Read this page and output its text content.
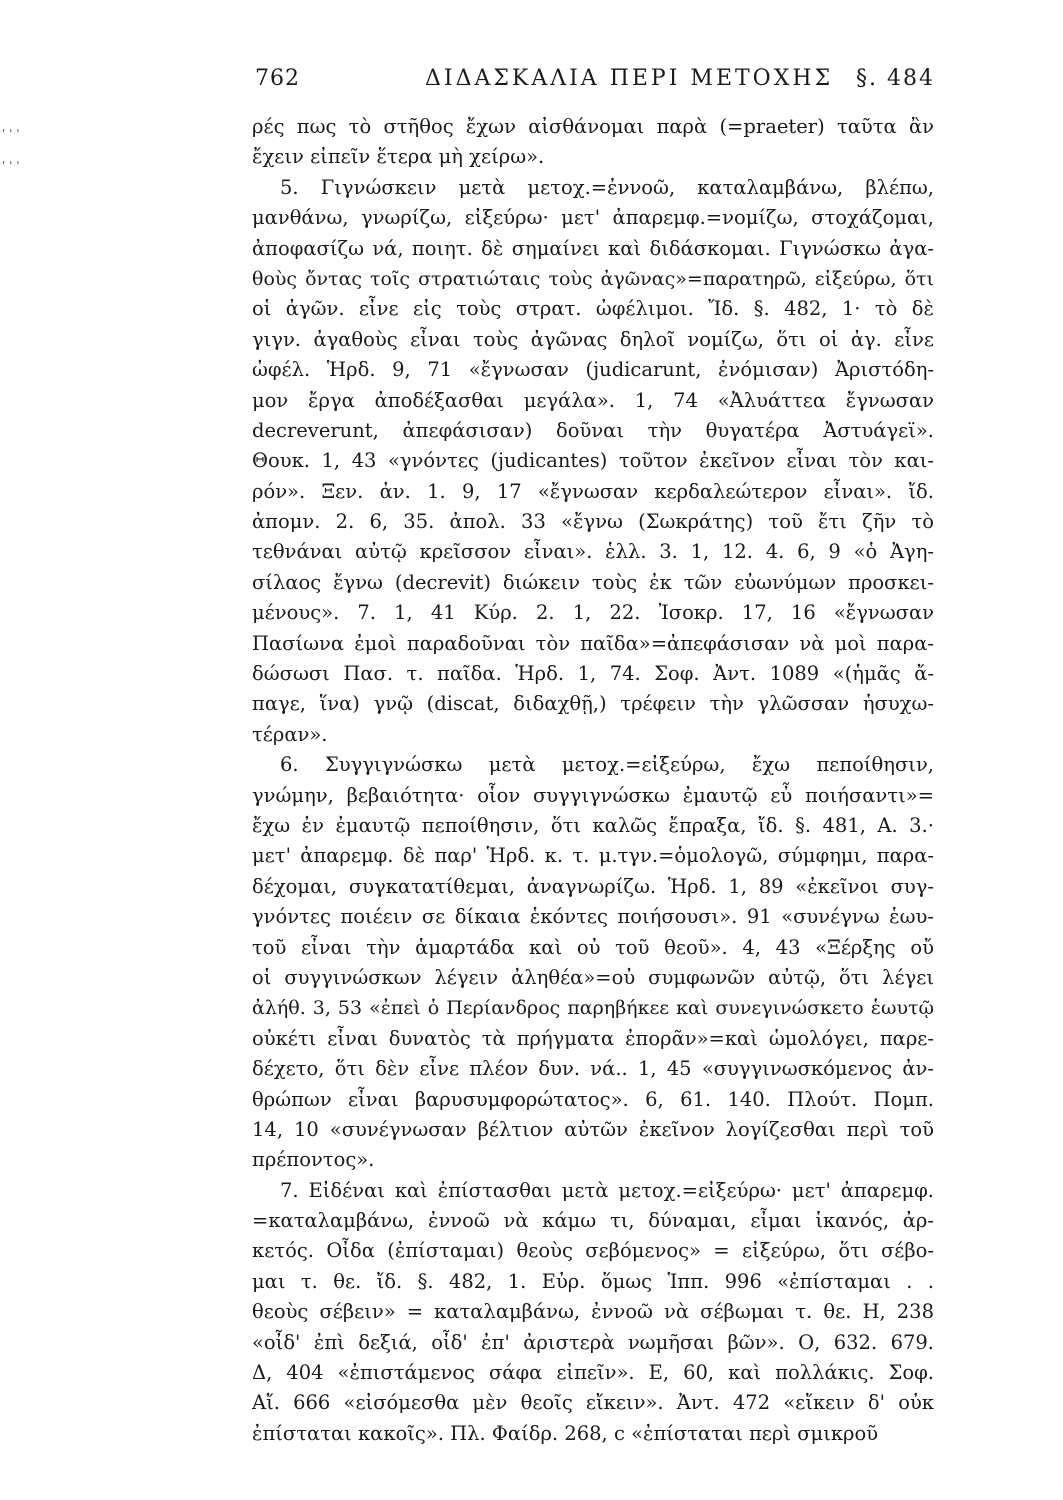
762	ΔΙΔΑΣΚΑΛΙΑ ΠΕΡΙ ΜΕΤΟΧΗΣ §. 484
' ' '
' ' '
ρές πως τὸ στῆθος ἔχων αἰσθάνομαι παρὰ (=praeter) ταῦτα ἂν
ἔχειν εἰπεῖν ἕτερα μὴ χείρω».
5. Γιγνώσκειν μετὰ μετοχ.=ἐννοῶ, καταλαμβάνω, βλέπω,
μανθάνω, γνωρίζω, εἰξεύρω· μετ' ἀπαρεμφ.=νομίζω, στοχάζομαι,
ἀποφασίζω νά, ποιητ. δὲ σημαίνει καὶ διδάσκομαι. Γιγνώσκω ἀγα-
θοὺς ὄντας τοῖς στρατιώταις τοὺς ἀγῶνας»=παρατηρῶ, εἰξεύρω, ὅτι
οἱ ἀγῶν. εἶνε εἰς τοὺς στρατ. ὠφέλιμοι. Ἴδ. §. 482, 1· τὸ δὲ
γιγν. ἀγαθοὺς εἶναι τοὺς ἀγῶνας δηλοῖ νομίζω, ὅτι οἱ ἀγ. εἶνε
ὠφέλ. Ἡρδ. 9, 71 «ἔγνωσαν (judicarunt, ἐνόμισαν) Ἀριστόδη-
μον ἔργα ἀποδέξασθαι μεγάλα». 1, 74 «Ἀλυάττεα ἔγνωσαν
decreverunt, ἀπεφάσισαν) δοῦναι τὴν θυγατέρα Ἀστυάγεϊ».
Θουκ. 1, 43 «γνόντες (judicantes) τοῦτον ἐκεῖνον εἶναι τὸν και-
ρόν». Ξεν. ἀν. 1. 9, 17 «ἔγνωσαν κερδαλεώτερον εἶναι». ἴδ.
ἀπομν. 2. 6, 35. ἀπολ. 33 «ἔγνω (Σωκράτης) τοῦ ἔτι ζῆν τὸ
τεθνάναι αὐτῷ κρεῖσσον εἶναι». ἑλλ. 3. 1, 12. 4. 6, 9 «ὁ Ἀγη-
σίλαος ἔγνω (decrevit) διώκειν τοὺς ἐκ τῶν εὐωνύμων προσκει-
μένους». 7. 1, 41 Κύρ. 2. 1, 22. Ἰσοκρ. 17, 16 «ἔγνωσαν
Πασίωνα ἐμοὶ παραδοῦναι τὸν παῖδα»=ἀπεφάσισαν νὰ μοὶ παρα-
δώσωσι Πασ. τ. παῖδα. Ἡρδ. 1, 74. Σοφ. Ἀντ. 1089 «(ἡμᾶς ἄ-
παγε, ἵνα) γνῷ (discat, διδαχθῇ,) τρέφειν τὴν γλῶσσαν ἡσυχω-
τέραν».
6. Συγγιγνώσκω μετὰ μετοχ.=εἰξεύρω, ἔχω πεποίθησιν,
γνώμην, βεβαιότητα· οἷον συγγιγνώσκω ἐμαυτῷ εὖ ποιήσαντι»=
ἔχω ἐν ἐμαυτῷ πεποίθησιν, ὅτι καλῶς ἔπραξα, ἴδ. §. 481, Α. 3.·
μετ' ἀπαρεμφ. δὲ παρ' Ἡρδ. κ. τ. μ.τγν.=ὁμολογῶ, σύμφημι, παρα-
δέχομαι, συγκατατίθεμαι, ἀναγνωρίζω. Ἡρδ. 1, 89 «ἐκεῖνοι συγ-
γνόντες ποιέειν σε δίκαια ἑκόντες ποιήσουσι». 91 «συνέγνω ἑωυ-
τοῦ εἶναι τὴν ἁμαρτάδα καὶ οὐ τοῦ θεοῦ». 4, 43 «Ξέρξης οὔ
οἱ συγγινώσκων λέγειν ἀληθέα»=οὐ συμφωνῶν αὐτῷ, ὅτι λέγει
ἀλήθ. 3, 53 «ἐπεὶ ὁ Περίανδρος παρηβήκεε καὶ συνεγινώσκετο ἑωυτῷ
οὐκέτι εἶναι δυνατὸς τὰ πρήγματα ἐπορᾶν»=καὶ ὡμολόγει, παρε-
δέχετο, ὅτι δὲν εἶνε πλέον δυν. νά.. 1, 45 «συγγινωσκόμενος ἀν-
θρώπων εἶναι βαρυσυμφορώτατος». 6, 61. 140. Πλούτ. Πομπ.
14, 10 «συνέγνωσαν βέλτιον αὐτῶν ἐκεῖνον λογίζεσθαι περὶ τοῦ
πρέποντος».
7. Εἰδέναι καὶ ἐπίστασθαι μετὰ μετοχ.=εἰξεύρω· μετ' ἀπαρεμφ.
=καταλαμβάνω, ἐννοῶ νὰ κάμω τι, δύναμαι, εἶμαι ἱκανός, ἀρ-
κετός. Οἶδα (ἐπίσταμαι) θεοὺς σεβόμενος» = εἰξεύρω, ὅτι σέβο-
μαι τ. θε. ἴδ. §. 482, 1. Εὐρ. ὅμως Ἱππ. 996 «ἐπίσταμαι . .
θεοὺς σέβειν» = καταλαμβάνω, ἐννοῶ νὰ σέβωμαι τ. θε. Η, 238
«οἶδ' ἐπὶ δεξιά, οἶδ' ἐπ' ἀριστερὰ νωμῆσαι βῶν». Ο, 632. 679.
Δ, 404 «ἐπιστάμενος σάφα εἰπεῖν». Ε, 60, καὶ πολλάκις. Σοφ.
Αἴ. 666 «εἰσόμεσθα μὲν θεοῖς εἴκειν». Ἀντ. 472 «εἴκειν δ' οὐκ
ἐπίσταται κακοῖς». Πλ. Φαίδρ. 268, c «ἐπίσταται περὶ σμικροῦ
